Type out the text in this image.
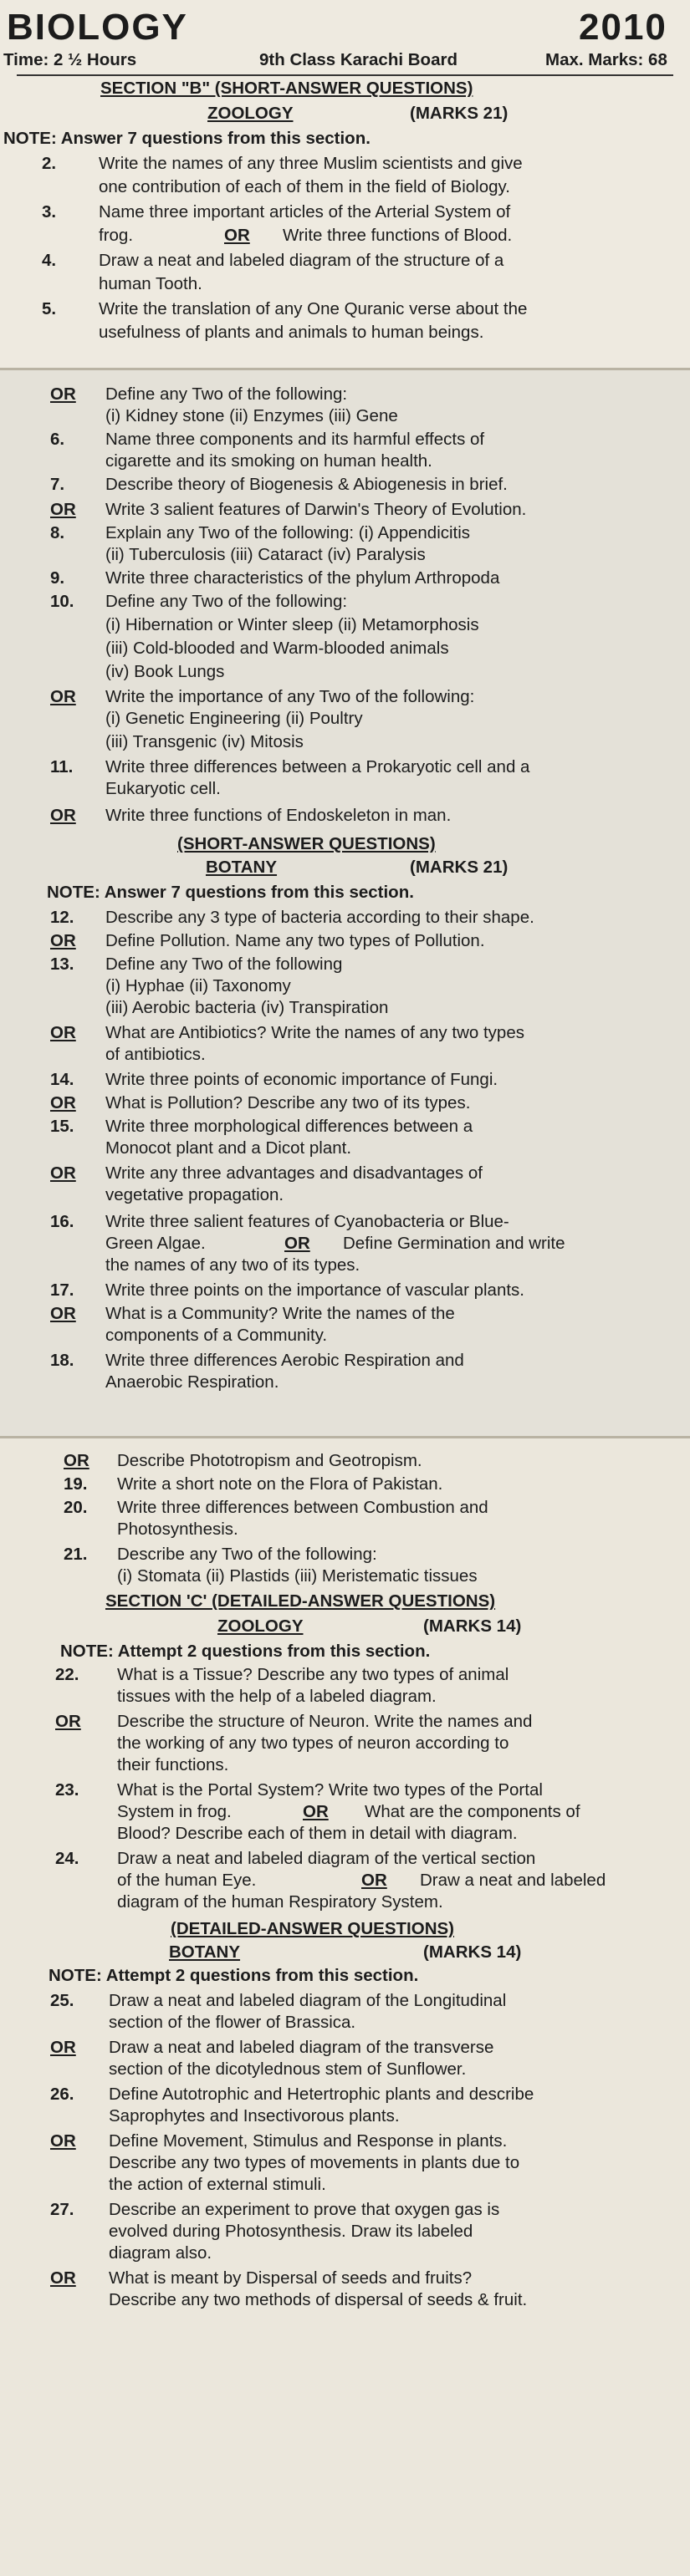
BIOLOGY	2010
Time: 2 ½ Hours	9th Class Karachi Board	Max. Marks: 68
SECTION "B" (SHORT-ANSWER QUESTIONS)
ZOOLOGY	(MARKS 21)
NOTE: Answer 7 questions from this section.
2. Write the names of any three Muslim scientists and give
one contribution of each of them in the field of Biology.
3. Name three important articles of the Arterial System of
frog.	OR Write three functions of Blood.
4. Draw a neat and labeled diagram of the structure of a
human Tooth.
5. Write the translation of any One Quranic verse about the
usefulness of plants and animals to human beings.
OR Define any Two of the following:
(i) Kidney stone (ii) Enzymes (iii) Gene
6. Name three components and its harmful effects of
cigarette and its smoking on human health.
7. Describe theory of Biogenesis & Abiogenesis in brief.
OR Write 3 salient features of Darwin's Theory of Evolution.
8. Explain any Two of the following: (i) Appendicitis
(ii) Tuberculosis (iii) Cataract (iv) Paralysis
9. Write three characteristics of the phylum Arthropoda
10. Define any Two of the following:
(i) Hibernation or Winter sleep (ii) Metamorphosis
(iii) Cold-blooded and Warm-blooded animals
(iv) Book Lungs
OR Write the importance of any Two of the following:
(i) Genetic Engineering (ii) Poultry
(iii) Transgenic (iv) Mitosis
11. Write three differences between a Prokaryotic cell and a
Eukaryotic cell.
OR Write three functions of Endoskeleton in man.
(SHORT-ANSWER QUESTIONS)
BOTANY	(MARKS 21)
NOTE: Answer 7 questions from this section.
12. Describe any 3 type of bacteria according to their shape.
OR Define Pollution. Name any two types of Pollution.
13. Define any Two of the following
(i) Hyphae (ii) Taxonomy
(iii) Aerobic bacteria (iv) Transpiration
OR What are Antibiotics? Write the names of any two types
of antibiotics.
14. Write three points of economic importance of Fungi.
OR What is Pollution? Describe any two of its types.
15. Write three morphological differences between a
Monocot plant and a Dicot plant.
OR Write any three advantages and disadvantages of
vegetative propagation.
16. Write three salient features of Cyanobacteria or Blue-
Green Algae.	OR Define Germination and write
the names of any two of its types.
17. Write three points on the importance of vascular plants.
OR What is a Community? Write the names of the
components of a Community.
18. Write three differences Aerobic Respiration and
Anaerobic Respiration.
OR Describe Phototropism and Geotropism.
19. Write a short note on the Flora of Pakistan.
20. Write three differences between Combustion and
Photosynthesis.
21. Describe any Two of the following:
(i) Stomata (ii) Plastids (iii) Meristematic tissues
SECTION 'C' (DETAILED-ANSWER QUESTIONS)
ZOOLOGY	(MARKS 14)
NOTE: Attempt 2 questions from this section.
22. What is a Tissue? Describe any two types of animal
tissues with the help of a labeled diagram.
OR Describe the structure of Neuron. Write the names and
the working of any two types of neuron according to
their functions.
23. What is the Portal System? Write two types of the Portal
System in frog.	OR What are the components of
Blood? Describe each of them in detail with diagram.
24. Draw a neat and labeled diagram of the vertical section
of the human Eye.	OR Draw a neat and labeled
diagram of the human Respiratory System.
(DETAILED-ANSWER QUESTIONS)
BOTANY	(MARKS 14)
NOTE: Attempt 2 questions from this section.
25. Draw a neat and labeled diagram of the Longitudinal
section of the flower of Brassica.
OR Draw a neat and labeled diagram of the transverse
section of the dicotylednous stem of Sunflower.
26. Define Autotrophic and Hetertrophic plants and describe
Saprophytes and Insectivorous plants.
OR Define Movement, Stimulus and Response in plants.
Describe any two types of movements in plants due to
the action of external stimuli.
27. Describe an experiment to prove that oxygen gas is
evolved during Photosynthesis. Draw its labeled
diagram also.
OR What is meant by Dispersal of seeds and fruits?
Describe any two methods of dispersal of seeds & fruit.
